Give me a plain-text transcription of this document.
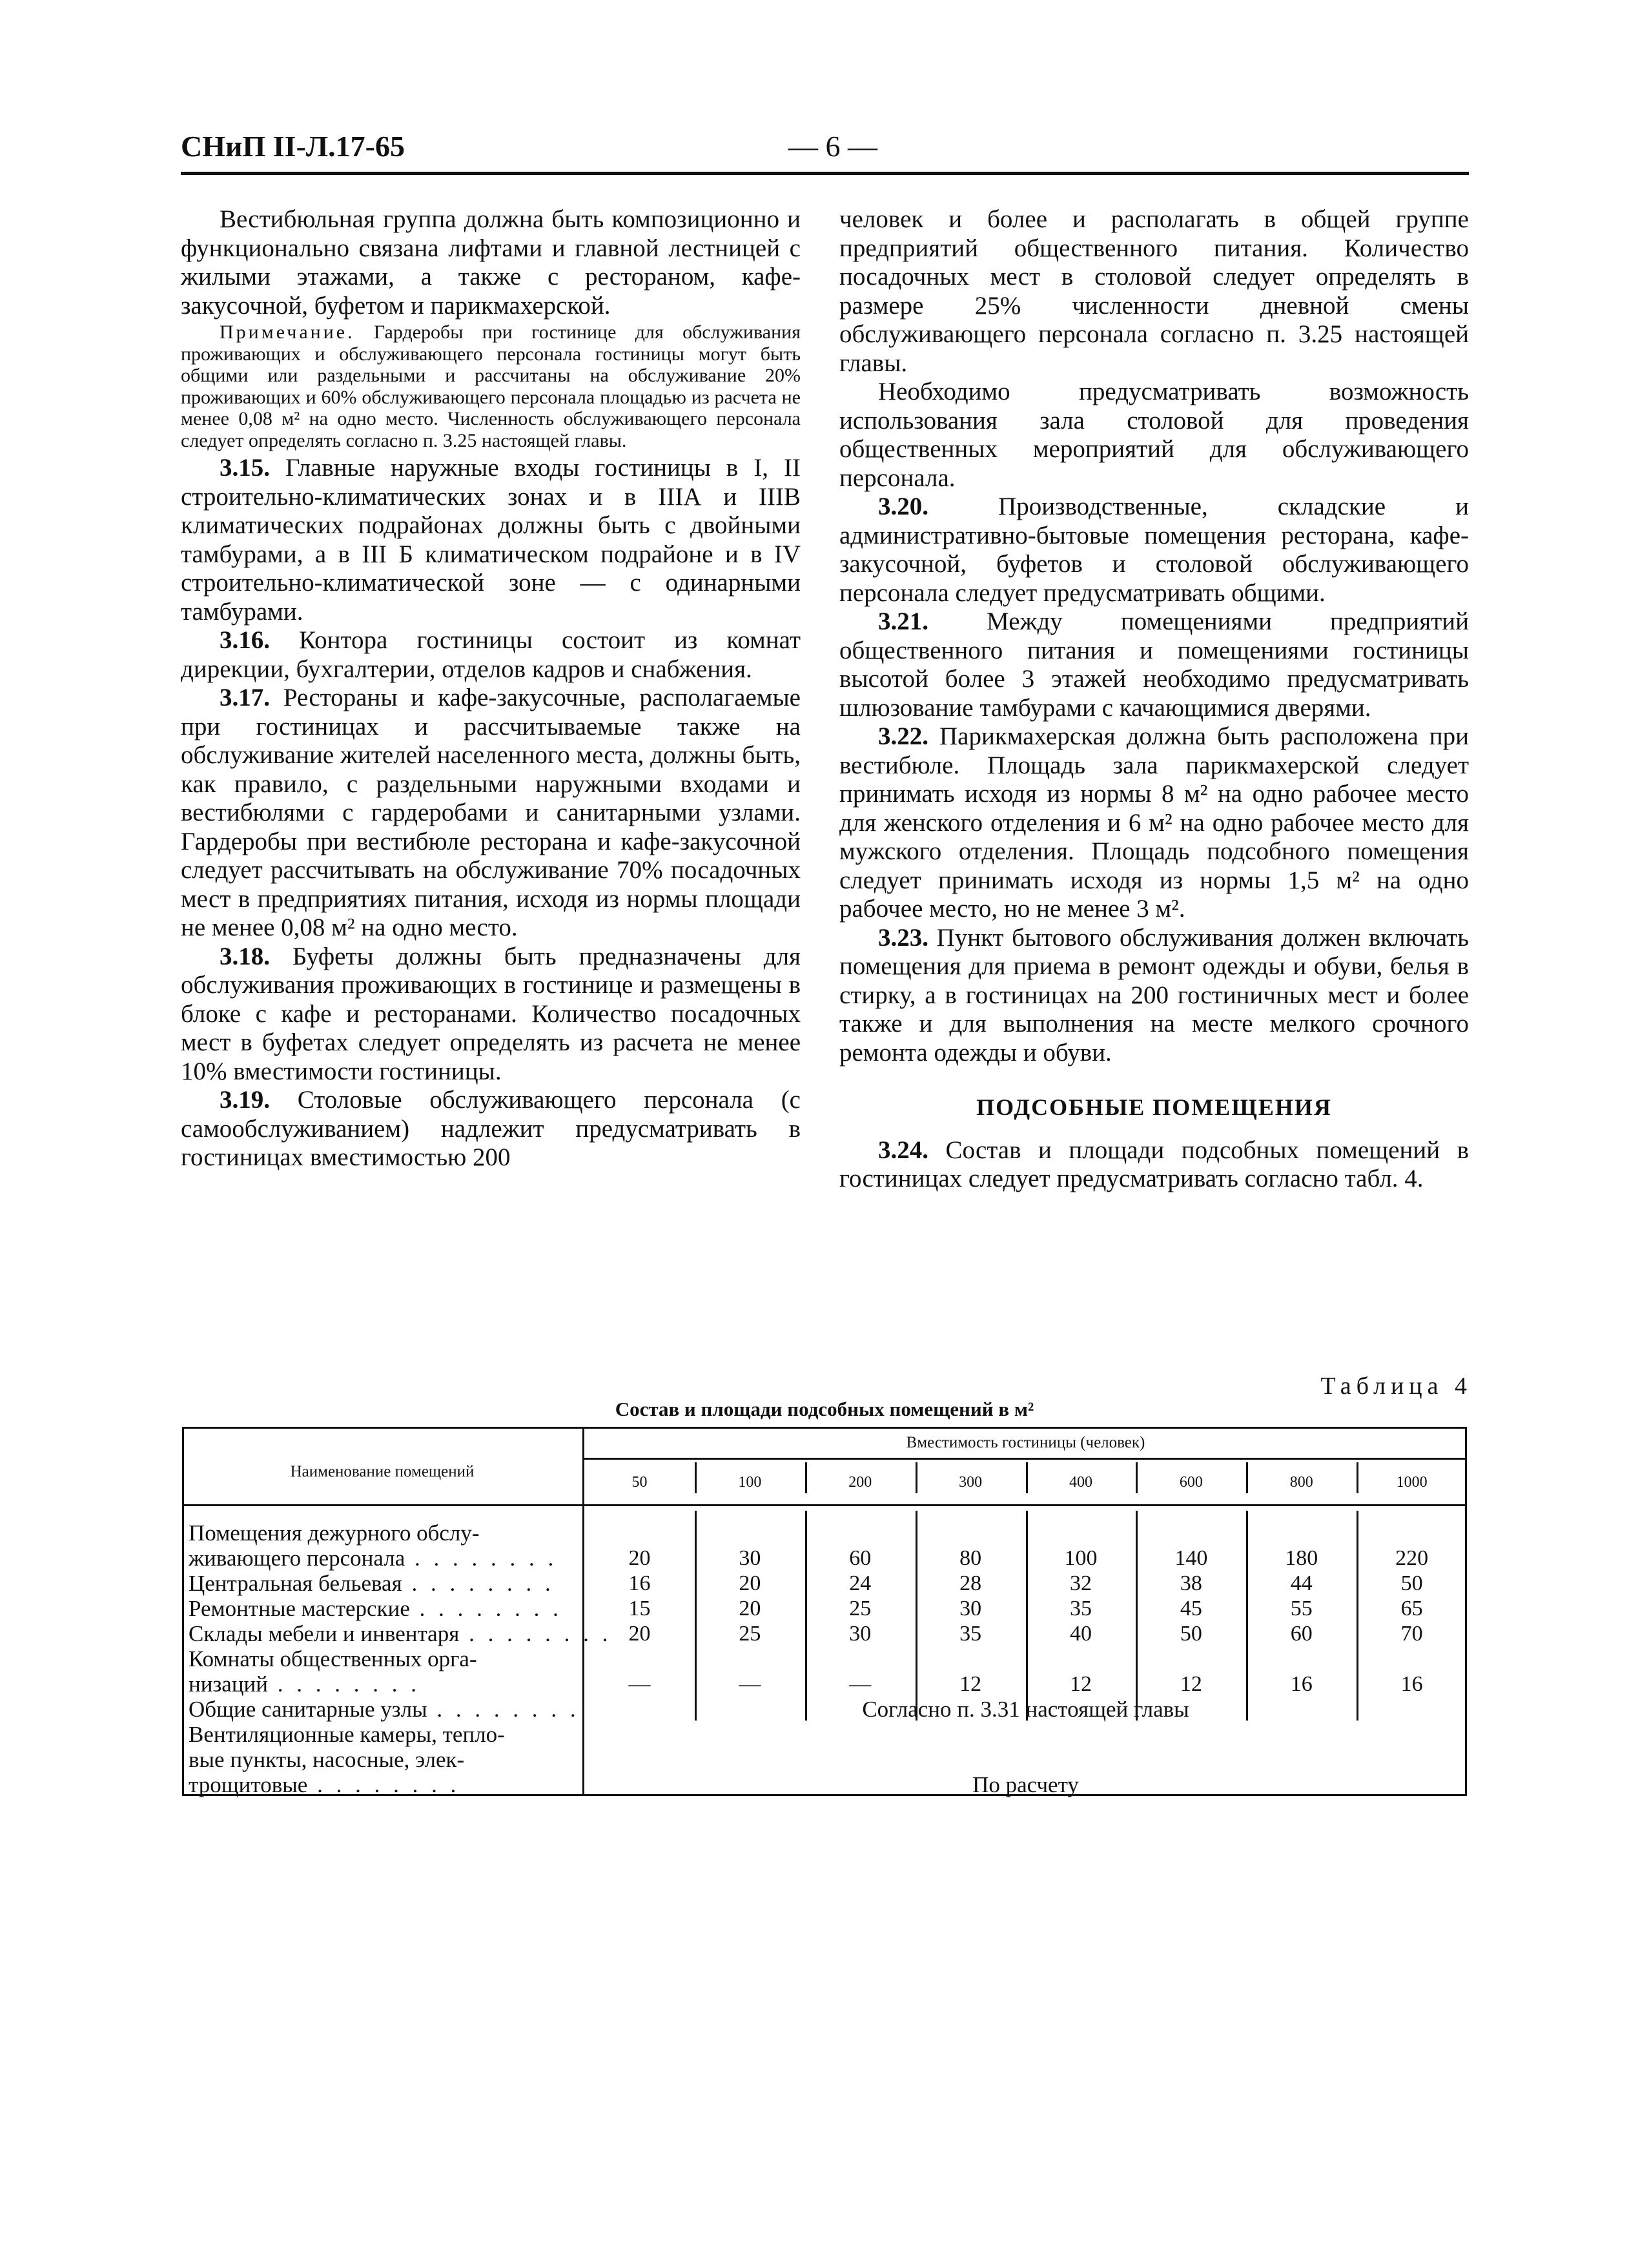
СНиП II-Л.17-65	— 6 —

Вестибюльная группа должна быть композиционно и функционально связана лифтами и главной лестницей с жилыми этажами, а также с рестораном, кафе-закусочной, буфетом и парикмахерской.

Примечание. Гардеробы при гостинице для обслуживания проживающих и обслуживающего персонала гостиницы могут быть общими или раздельными и рассчитаны на обслуживание 20% проживающих и 60% обслуживающего персонала площадью из расчета не менее 0,08 м² на одно место. Численность обслуживающего персонала следует определять согласно п. 3.25 настоящей главы.

3.15. Главные наружные входы гостиницы в I, II строительно-климатических зонах и в IIIА и IIIВ климатических подрайонах должны быть с двойными тамбурами, а в III Б климатическом подрайоне и в IV строительно-климатической зоне — с одинарными тамбурами.

3.16. Контора гостиницы состоит из комнат дирекции, бухгалтерии, отделов кадров и снабжения.

3.17. Рестораны и кафе-закусочные, располагаемые при гостиницах и рассчитываемые также на обслуживание жителей населенного места, должны быть, как правило, с раздельными наружными входами и вестибюлями с гардеробами и санитарными узлами. Гардеробы при вестибюле ресторана и кафе-закусочной следует рассчитывать на обслуживание 70% посадочных мест в предприятиях питания, исходя из нормы площади не менее 0,08 м² на одно место.

3.18. Буфеты должны быть предназначены для обслуживания проживающих в гостинице и размещены в блоке с кафе и ресторанами. Количество посадочных мест в буфетах следует определять из расчета не менее 10% вместимости гостиницы.

3.19. Столовые обслуживающего персонала (с самообслуживанием) надлежит предусматривать в гостиницах вместимостью 200

человек и более и располагать в общей группе предприятий общественного питания. Количество посадочных мест в столовой следует определять в размере 25% численности дневной смены обслуживающего персонала согласно п. 3.25 настоящей главы.

Необходимо предусматривать возможность использования зала столовой для проведения общественных мероприятий для обслуживающего персонала.

3.20.	Производственные, складские и административно-бытовые помещения ресторана, кафе-закусочной, буфетов и столовой обслуживающего персонала следует предусматривать общими.

3.21. Между помещениями предприятий общественного питания и помещениями гостиницы высотой более 3 этажей необходимо предусматривать шлюзование тамбурами с качающимися дверями.

3.22. Парикмахерская должна быть расположена при вестибюле. Площадь зала парикмахерской следует принимать исходя из нормы 8 м² на одно рабочее место для женского отделения и 6 м² на одно рабочее место для мужского отделения. Площадь подсобного помещения следует принимать исходя из нормы 1,5 м² на одно рабочее место, но не менее 3 м².

3.23. Пункт бытового обслуживания должен включать помещения для приема в ремонт одежды и обуви, белья в стирку, а в гостиницах на 200 гостиничных мест и более также и для выполнения на месте мелкого срочного ремонта одежды и обуви.

ПОДСОБНЫЕ ПОМЕЩЕНИЯ

3.24. Состав и площади подсобных помещений в гостиницах следует предусматривать согласно табл. 4.

Таблица 4
Состав и площади подсобных помещений в м²
Наименование помещений
Вместимость гостиницы (человек)
50	100	200	300	400	600	800	1000
Помещения дежурного обслу-
живающего персонала . . . . . . . .	20	30	60	80	100	140	180	220
Центральная бельевая . . . . . . . .	16	20	24	28	32	38	44	50
Ремонтные мастерские . . . . . . . .	15	20	25	30	35	45	55	65
Склады мебели и инвентаря . . . . . . . . 20	25	30	35	40	50	60	70
Комнаты общественных орга-
низаций . . . . . . . .	—	—	—	12	12	12	16	16
Общие санитарные узлы . . . . . . . .	Согласно п. 3.31 настоящей главы
Вентиляционные камеры, тепло-
вые пункты, насосные, элек-
трощитовые . . . . . . . .	По расчету
